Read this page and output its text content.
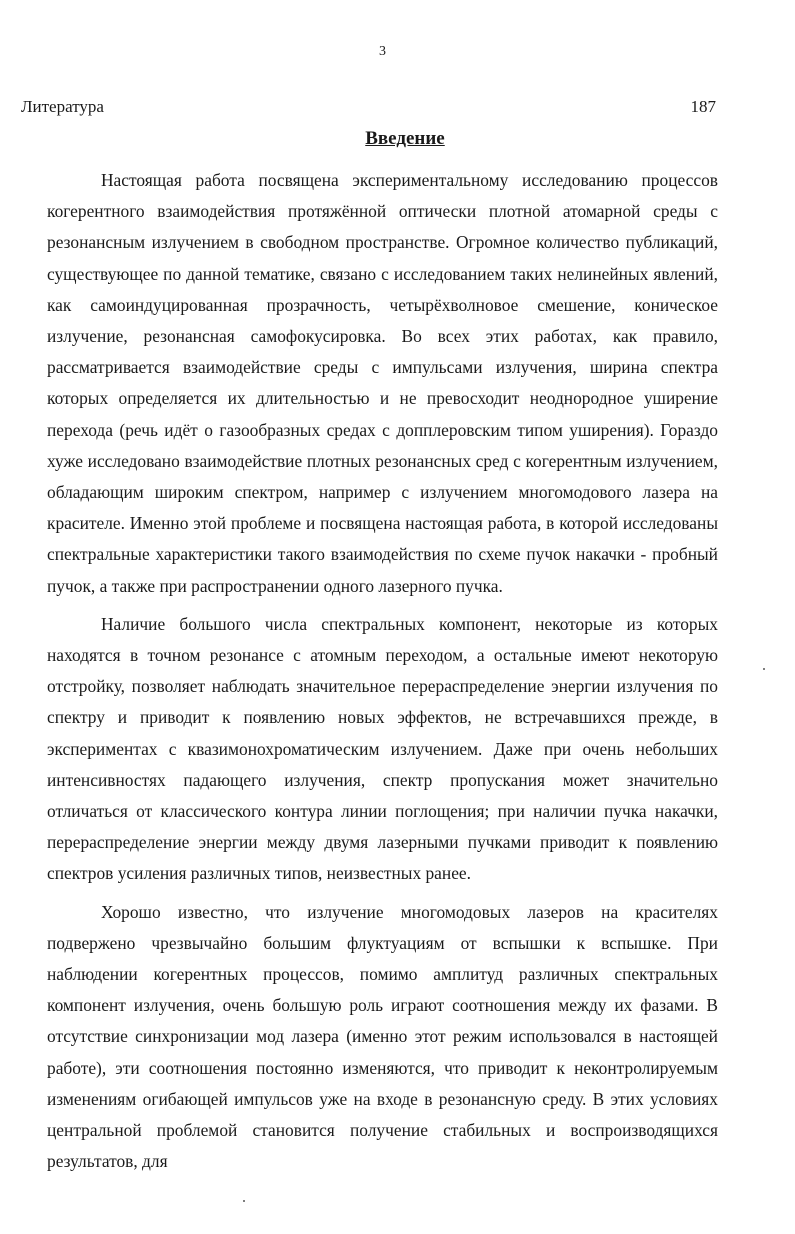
3
Литература	187
Введение

Настоящая работа посвящена экспериментальному исследованию процессов когерентного взаимодействия протяжённой оптически плотной атомарной среды с резонансным излучением в свободном пространстве. Огромное количество публикаций, существующее по данной тематике, связано с исследованием таких нелинейных явлений, как самоиндуцированная прозрачность, четырёхволновое смешение, коническое излучение, резонансная самофокусировка. Во всех этих работах, как правило, рассматривается взаимодействие среды с импульсами излучения, ширина спектра которых определяется их длительностью и не превосходит неоднородное уширение перехода (речь идёт о газообразных средах с допплеровским типом уширения). Гораздо хуже исследовано взаимодействие плотных резонансных сред с когерентным излучением, обладающим широким спектром, например с излучением многомодового лазера на красителе. Именно этой проблеме и посвящена настоящая работа, в которой исследованы спектральные характеристики такого взаимодействия по схеме пучок накачки - пробный пучок, а также при распространении одного лазерного пучка.

Наличие большого числа спектральных компонент, некоторые из которых находятся в точном резонансе с атомным переходом, а остальные имеют некоторую отстройку, позволяет наблюдать значительное перераспределение энергии излучения по спектру и приводит к появлению новых эффектов, не встречавшихся прежде, в экспериментах с квазимонохроматическим излучением. Даже при очень небольших интенсивностях падающего излучения, спектр пропускания может значительно отличаться от классического контура линии поглощения; при наличии пучка накачки, перераспределение энергии между двумя лазерными пучками приводит к появлению спектров усиления различных типов, неизвестных ранее.

Хорошо известно, что излучение многомодовых лазеров на красителях подвержено чрезвычайно большим флуктуациям от вспышки к вспышке. При наблюдении когерентных процессов, помимо амплитуд различных спектральных компонент излучения, очень большую роль играют соотношения между их фазами. В отсутствие синхронизации мод лазера (именно этот режим использовался в настоящей работе), эти соотношения постоянно изменяются, что приводит к неконтролируемым изменениям огибающей импульсов уже на входе в резонансную среду. В этих условиях центральной проблемой становится получение стабильных и воспроизводящихся результатов, для
